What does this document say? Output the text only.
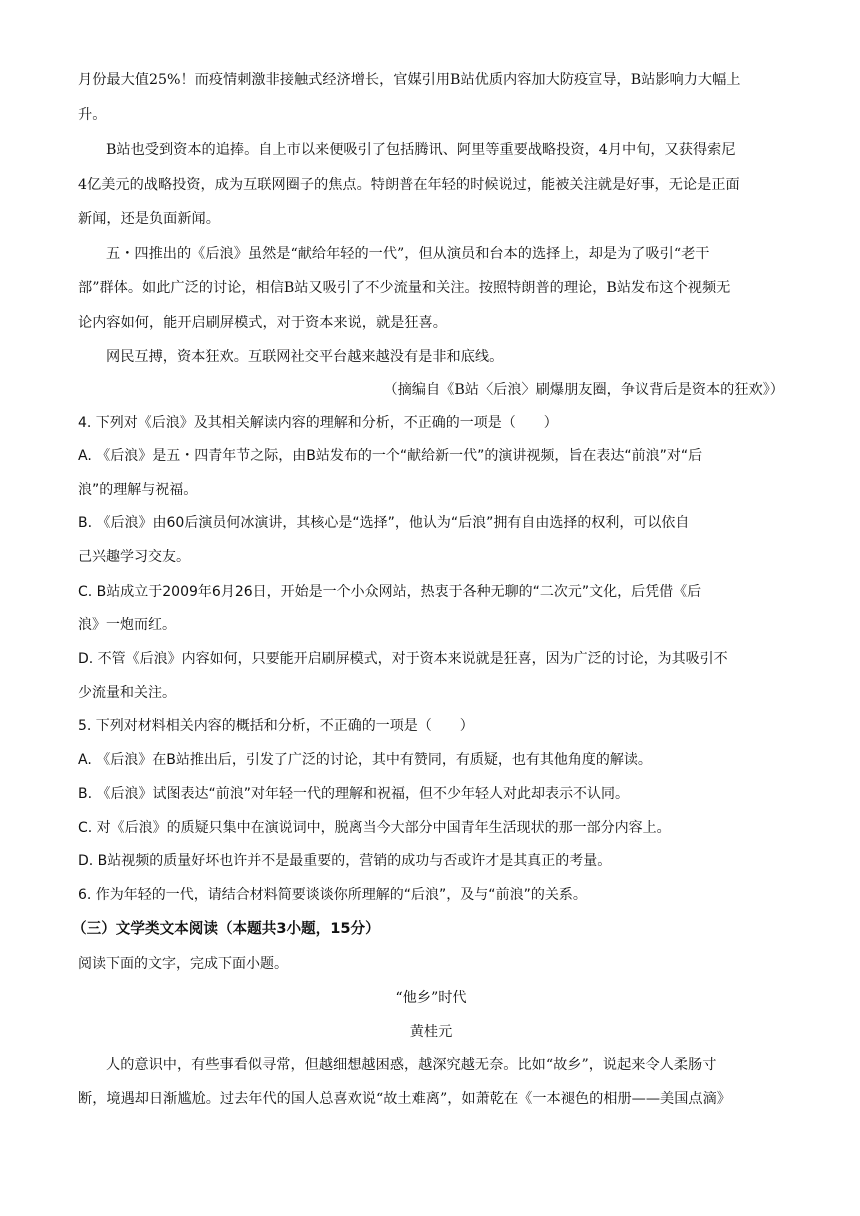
月份最大值25%！而疫情刺激非接触式经济增长，官媒引用B站优质内容加大防疫宣导，B站影响力大幅上
升。
B站也受到资本的追捧。自上市以来便吸引了包括腾讯、阿里等重要战略投资，4月中旬，又获得索尼
4亿美元的战略投资，成为互联网圈子的焦点。特朗普在年轻的时候说过，能被关注就是好事，无论是正面
新闻，还是负面新闻。
五・四推出的《后浪》虽然是“献给年轻的一代”，但从演员和台本的选择上，却是为了吸引“老干
部”群体。如此广泛的讨论，相信B站又吸引了不少流量和关注。按照特朗普的理论，B站发布这个视频无
论内容如何，能开启刷屏模式，对于资本来说，就是狂喜。
网民互搏，资本狂欢。互联网社交平台越来越没有是非和底线。
（摘编自《B站〈后浪〉刷爆朋友圈，争议背后是资本的狂欢》）
4. 下列对《后浪》及其相关解读内容的理解和分析，不正确的一项是（　　）
A. 《后浪》是五・四青年节之际，由B站发布的一个“献给新一代”的演讲视频，旨在表达“前浪”对“后
浪”的理解与祝福。
B. 《后浪》由60后演员何冰演讲，其核心是“选择”，他认为“后浪”拥有自由选择的权利，可以依自
己兴趣学习交友。
C. B站成立于2009年6月26日，开始是一个小众网站，热衷于各种无聊的“二次元”文化，后凭借《后
浪》一炮而红。
D. 不管《后浪》内容如何，只要能开启刷屏模式，对于资本来说就是狂喜，因为广泛的讨论，为其吸引不
少流量和关注。
5. 下列对材料相关内容的概括和分析，不正确的一项是（　　）
A. 《后浪》在B站推出后，引发了广泛的讨论，其中有赞同，有质疑，也有其他角度的解读。
B. 《后浪》试图表达“前浪”对年轻一代的理解和祝福，但不少年轻人对此却表示不认同。
C. 对《后浪》的质疑只集中在演说词中，脱离当今大部分中国青年生活现状的那一部分内容上。
D. B站视频的质量好坏也许并不是最重要的，营销的成功与否或许才是其真正的考量。
6. 作为年轻的一代，请结合材料简要谈谈你所理解的“后浪”，及与“前浪”的关系。
（三）文学类文本阅读（本题共3小题，15分）
阅读下面的文字，完成下面小题。
“他乡”时代
黄桂元
人的意识中，有些事看似寻常，但越细想越困惑，越深究越无奈。比如“故乡”，说起来令人柔肠寸
断，境遇却日渐尴尬。过去年代的国人总喜欢说“故土难离”，如萧乾在《一本褪色的相册——美国点滴》
